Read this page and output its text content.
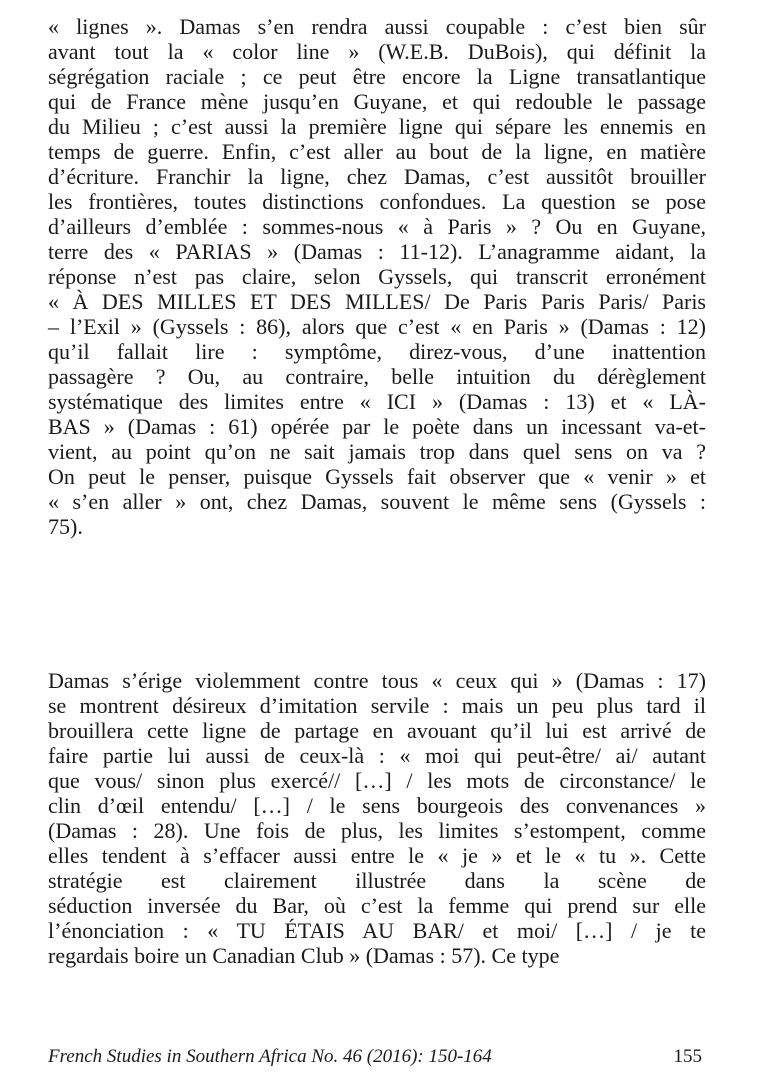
« lignes ». Damas s’en rendra aussi coupable : c’est bien sûr
avant tout la « color line » (W.E.B. DuBois), qui définit la
ségrégation raciale ; ce peut être encore la Ligne transatlantique
qui de France mène jusqu’en Guyane, et qui redouble le passage
du Milieu ; c’est aussi la première ligne qui sépare les ennemis en
temps de guerre. Enfin, c’est aller au bout de la ligne, en matière
d’écriture. Franchir la ligne, chez Damas, c’est aussitôt brouiller
les frontières, toutes distinctions confondues. La question se pose
d’ailleurs d’emblée : sommes-nous « à Paris » ? Ou en Guyane,
terre des « PARIAS » (Damas : 11-12). L’anagramme aidant, la
réponse n’est pas claire, selon Gyssels, qui transcrit erronément
« À DES MILLES ET DES MILLES/ De Paris Paris Paris/ Paris
– l’Exil » (Gyssels : 86), alors que c’est « en Paris » (Damas : 12)
qu’il fallait lire : symptôme, direz-vous, d’une inattention
passagère ? Ou, au contraire, belle intuition du dérèglement
systématique des limites entre « ICI » (Damas : 13) et « LÀ-
BAS » (Damas : 61) opérée par le poète dans un incessant va-et-
vient, au point qu’on ne sait jamais trop dans quel sens on va ?
On peut le penser, puisque Gyssels fait observer que « venir » et
« s’en aller » ont, chez Damas, souvent le même sens (Gyssels :
75).
Damas s’érige violemment contre tous « ceux qui » (Damas : 17)
se montrent désireux d’imitation servile : mais un peu plus tard il
brouillera cette ligne de partage en avouant qu’il lui est arrivé de
faire partie lui aussi de ceux-là : « moi qui peut-être/ ai/ autant
que vous/ sinon plus exercé// […] / les mots de circonstance/ le
clin d’œil entendu/ […] / le sens bourgeois des convenances »
(Damas : 28). Une fois de plus, les limites s’estompent, comme
elles tendent à s’effacer aussi entre le « je » et le « tu ». Cette
stratégie est clairement illustrée dans la scène de
séduction inversée du Bar, où c’est la femme qui prend sur elle
l’énonciation : « TU ÉTAIS AU BAR/ et moi/ […] / je te
regardais boire un Canadian Club » (Damas : 57). Ce type
French Studies in Southern Africa No. 46 (2016): 150-164	155
